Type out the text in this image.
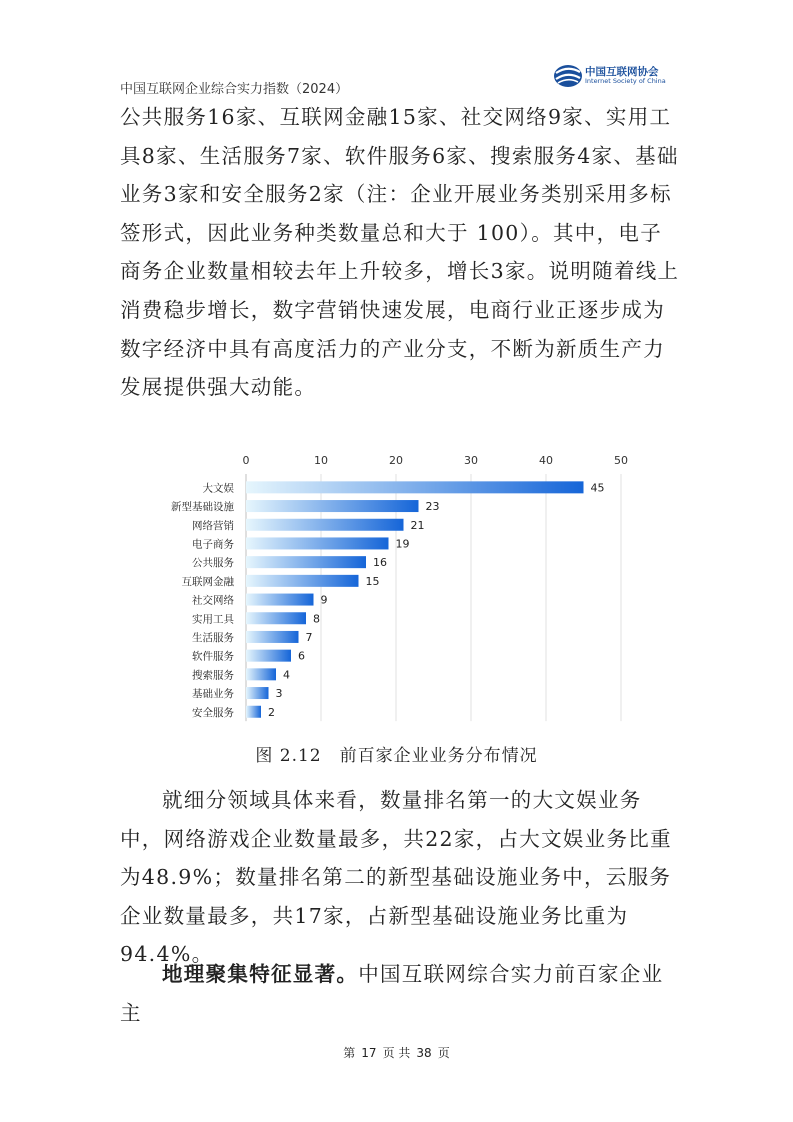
中国互联网企业综合实力指数（2024）
中国互联网协会
Internet Society of China

公共服务16家、互联网金融15家、社交网络9家、实用工具8家、生活服务7家、软件服务6家、搜索服务4家、基础业务3家和安全服务2家（注：企业开展业务类别采用多标签形式，因此业务种类数量总和大于 100）。其中，电子商务企业数量相较去年上升较多，增长3家。说明随着线上消费稳步增长，数字营销快速发展，电商行业正逐步成为数字经济中具有高度活力的产业分支，不断为新质生产力发展提供强大动能。

0	10	20	30	40	50
大文娱	45
新型基础设施	23
网络营销	21
电子商务	19
公共服务	16
互联网金融	15
社交网络	9
实用工具	8
生活服务	7
软件服务	6
搜索服务	4
基础业务	3
安全服务	2
图 2.12　前百家企业业务分布情况

就细分领域具体来看，数量排名第一的大文娱业务中，网络游戏企业数量最多，共22家，占大文娱业务比重为48.9%；数量排名第二的新型基础设施业务中，云服务企业数量最多，共17家，占新型基础设施业务比重为94.4%。

地理聚集特征显著。中国互联网综合实力前百家企业主

第 17 页 共 38 页
